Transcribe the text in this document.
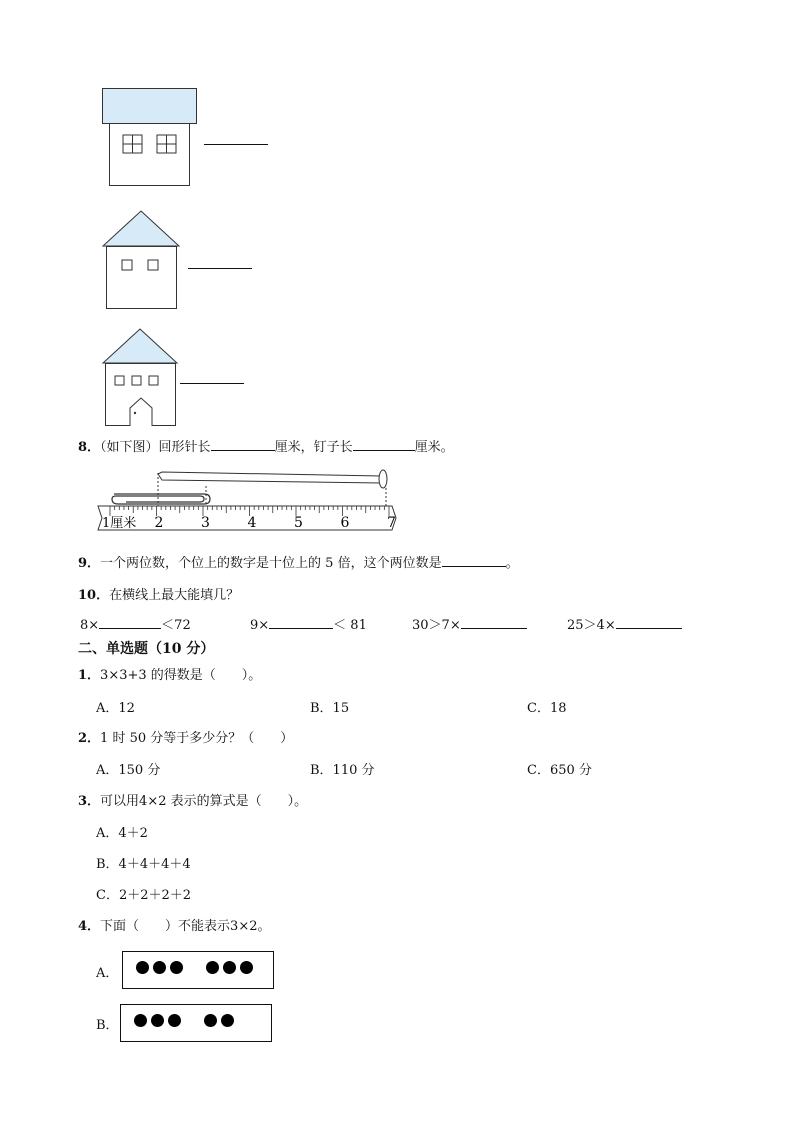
8．（如下图）回形针长	厘米，钉子长	厘米。
1厘米 2	3	4	5	6	7
9．一个两位数，个位上的数字是十位上的 5 倍，这个两位数是	。
10．在横线上最大能填几？
8×	＜72	9×	＜ 81	30＞7×	25＞4×
二、单选题（10 分）
1．3×3+3 的得数是（　　）。
A．12	B．15	C．18
2．1 时 50 分等于多少分？（　　）
A．150 分	B．110 分	C．650 分
3．可以用4×2 表示的算式是（　　）。
A．4＋2
B．4＋4＋4＋4
C．2＋2＋2＋2
4．下面（　　）不能表示3×2。
A．
B．
